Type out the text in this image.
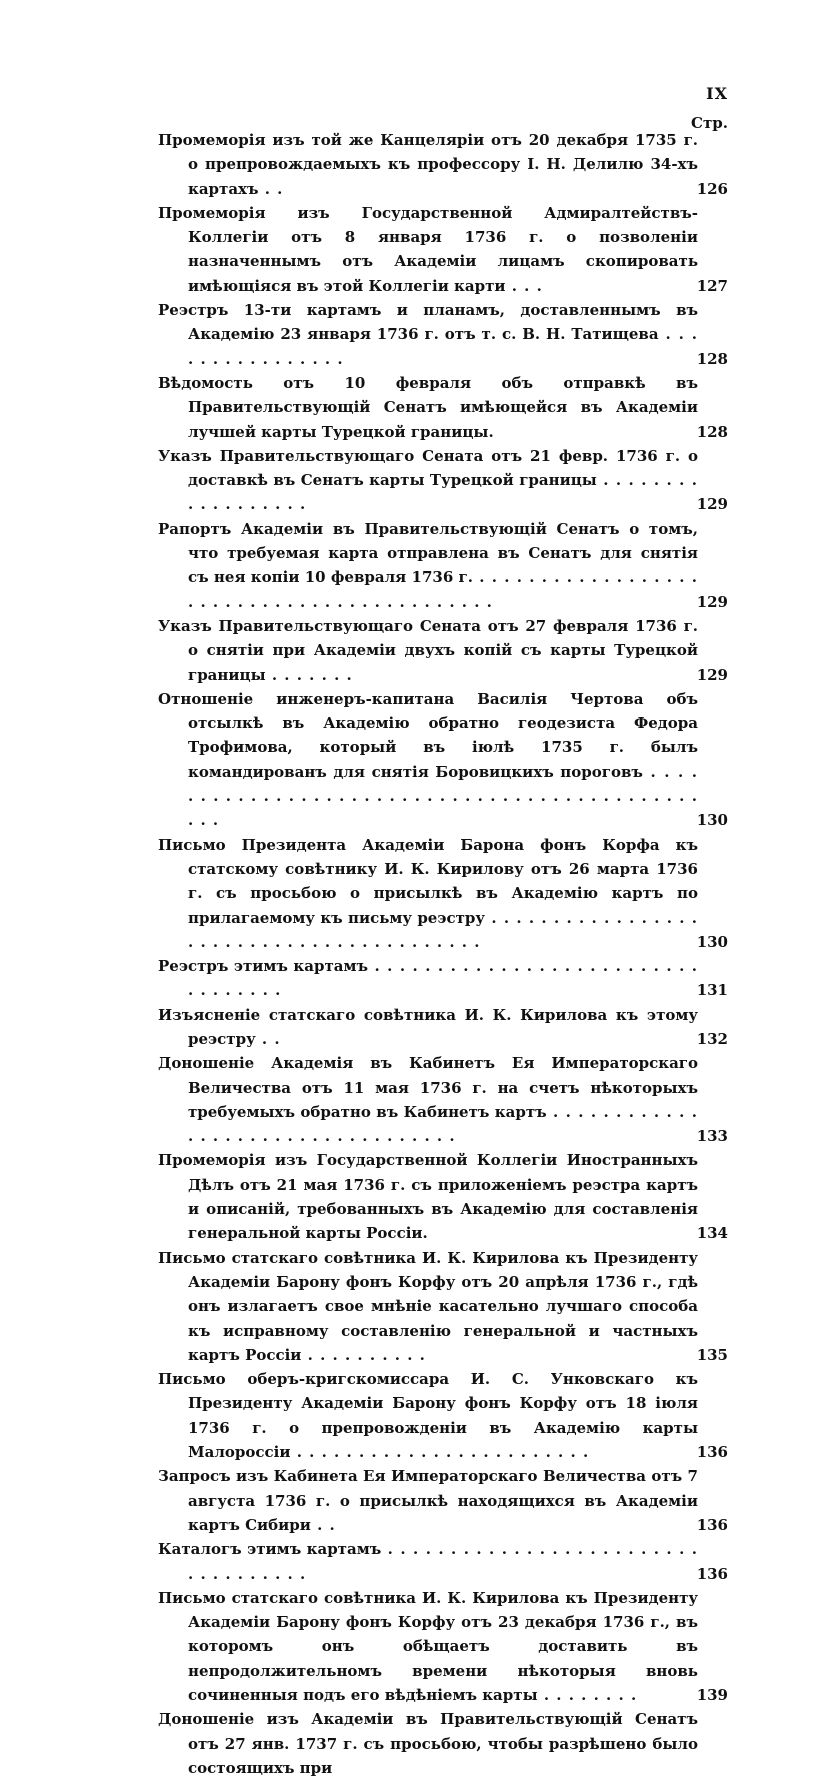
IX
Стр.
Промеморія изъ той же Канцеляріи отъ 20 декабря 1735 г. о препровождаемыхъ къ профессору І. Н. Делилю 34-хъ картахъ . .	126
Промеморія изъ Государственной Адмиралтействъ-Коллегіи отъ 8 января 1736 г. о позволеніи назначеннымъ отъ Академіи лицамъ скопировать имѣющіяся въ этой Коллегіи карти . . .	127
Реэстръ 13-ти картамъ и планамъ, доставленнымъ въ Академію 23 января 1736 г. отъ т. с. В. Н. Татищева . . . . . . . . . . . . . . . .	128
Вѣдомость отъ 10 февраля объ отправкѣ въ Правительствующій Сенатъ имѣющейся въ Академіи лучшей карты Турецкой границы.	128
Указъ Правительствующаго Сената отъ 21 февр. 1736 г. о доставкѣ въ Сенатъ карты Турецкой границы . . . . . . . . . . . . . . . . . .	129
Рапортъ Академіи въ Правительствующій Сенатъ о томъ, что требуемая карта отправлена въ Сенатъ для снятія съ нея копіи 10 февраля 1736 г. . . . . . . . . . . . . . . . . . . . . . . . . . . . . . . . . . . . . . . . . . . .	129
Указъ Правительствующаго Сената отъ 27 февраля 1736 г. о снятіи при Академіи двухъ копій съ карты Турецкой границы . . . . . . .	129
Отношеніе инженеръ-капитана Василія Чертова объ отсылкѣ въ Академію обратно геодезиста Федора Трофимова, который въ іюлѣ 1735 г. былъ командированъ для снятія Боровицкихъ пороговъ . . . . . . . . . . . . . . . . . . . . . . . . . . . . . . . . . . . . . . . . . . . . . . . .	130
Письмо Президента Академіи Барона фонъ Корфа къ статскому совѣтнику И. К. Кирилову отъ 26 марта 1736 г. съ просьбою о присылкѣ въ Академію картъ по прилагаемому къ письму реэстру . . . . . . . . . . . . . . . . . . . . . . . . . . . . . . . . . . . . . . . . .	130
Реэстръ этимъ картамъ . . . . . . . . . . . . . . . . . . . . . . . . . . . . . . . . . .	131
Изъясненіе статскаго совѣтника И. К. Кирилова къ этому реэстру . .	132
Доношеніе Академія въ Кабинетъ Ея Императорскаго Величества отъ 11 мая 1736 г. на счетъ нѣкоторыхъ требуемыхъ обратно въ Кабинетъ картъ . . . . . . . . . . . . . . . . . . . . . . . . . . . . . . . . . .	133
Промеморія изъ Государственной Коллегіи Иностранныхъ Дѣлъ отъ 21 мая 1736 г. съ приложеніемъ реэстра картъ и описаній, требованныхъ въ Академію для составленія генеральной карты Россіи.	134
Письмо статскаго совѣтника И. К. Кирилова къ Президенту Академіи Барону фонъ Корфу отъ 20 апрѣля 1736 г., гдѣ онъ излагаетъ свое мнѣніе касательно лучшаго способа къ исправному составленію генеральной и частныхъ картъ Россіи . . . . . . . . . .	135
Письмо оберъ-кригскомиссара И. С. Унковскаго къ Президенту Академіи Барону фонъ Корфу отъ 18 іюля 1736 г. о препровожденіи въ Академію карты Малороссіи . . . . . . . . . . . . . . . . . . . . . . . .	136
Запросъ изъ Кабинета Ея Императорскаго Величества отъ 7 августа 1736 г. о присылкѣ находящихся въ Академіи картъ Сибири . .	136
Каталогъ этимъ картамъ . . . . . . . . . . . . . . . . . . . . . . . . . . . . . . . . . . .	136
Письмо статскаго совѣтника И. К. Кирилова къ Президенту Академіи Барону фонъ Корфу отъ 23 декабря 1736 г., въ которомъ онъ обѣщаетъ доставить въ непродолжительномъ времени нѣкоторыя вновь сочиненныя подъ его вѣдѣніемъ карты . . . . . . . .	139
Доношеніе изъ Академіи въ Правительствующій Сенатъ отъ 27 янв. 1737 г. съ просьбою, чтобы разрѣшено было состоящихъ при
